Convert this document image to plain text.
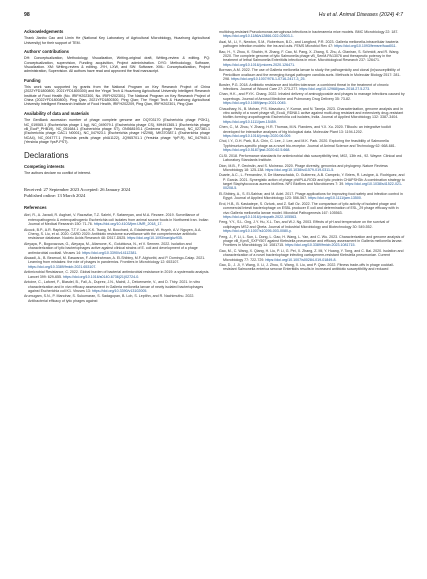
98	Hu et al. Animal Diseases (2024) 4:7
Acknowledgements
Thank Jianbo Cao and Limin He (National Key Laboratory of Agricultural Microbiology, Huazhong Agricultural University) for their support of TEM.
Authors' contributions
DH: Conceptualization, Methodology, Visualization, Writing-original draft, Writing-review & editing. PQ: Conceptualization, supervision, Funding acquisition, Project administration. DYG: Methodology, Software, Visualization. XM: Writing-review & editing. JYH, LXW, and SW: Software. XML: Conceptualization, Project administration, Supervision. All authors have read and approved the final manuscript.
Funding
This work was supported by grants from the National Program on Key Research Project of China (2022YFD1800800, 2021YFD1800300) and the Yingzi Tech & Huazhong Agricultural University Intelligent Research Institute of Food Health (No. IRIFH202300, No. IRIFH202301). The National Program on Key Research Project of China (2022YFD1800800). Ping Qian, 2021YFD1800300, Ping Qian; The Yingzi Tech & Huazhong Agricultural University Intelligent Research Institute of Food Health, IRIFH202209, Ping Qian, IRIFH202301, Ping Qian
Availability of data and materials
The GenBank accession number of phage complete genome are OQ703170 (Escherichia phage PGK1), NC_019065.1 (Escherichia phage 1 kg), NC_049079.1 (Escherichia phage CS), MH491365.1 (Escherichia phage vB_EcoP_PHB19), NC_051684.1 (Escherichia phage ST), ON568193.1 (Cedecea phage Yanou), NC_027381.1 (Escherichia phage CAC1 N0001), NC_047923.1 (Escherichia phage HZ298), MK370387.1 (Escherichia phage NCA4), NC_004777.1 (Yersinia pestis phage phiA1122), JQ965701.1 (Yersinia phage YpP-R), NC_047940.1 (Yersinia phage YpsP-PST).
Declarations
Competing interests
The authors declare no conflict of interest.
Received: 27 September 2023 Accepted: 26 January 2024
Published online: 13 March 2024
References
Abri, R., A. Javadi, R. Asghari, V. Razavilar, T.Z. Salehi, F. Safaeeyan, and M.A. Rezaee. 2019. Surveillance of enteropathogenic & enteropathogenic Escherichia coli isolates from animal source foods in Northwest Iran. Indian Journal of Medical Research 150: 71-76. https://doi.org/10.4103/ijmr.IJMR_2018_17.
Alcock, B.P., A.R. Raphenya, T.T.Y. Lau, K.K. Tsang, M. Bouchard, A. Edalatmand, W. Huynh, A.V. Nguyen, A.A. Cheng, S. Liu, et al. 2020. CARD 2020: Antibiotic resistome surveillance with the comprehensive antibiotic resistance database. Nucleic Acids Research 48: D517-D525. https://doi.org/10.1093/nar/gkz935.
Aleyaya, P., Bogovazova, G., Aleyaya, M., Aliamone, K., Golubkova, N., et V. Sennen. 2022. Isolation and characterization of lytic bacteriophages active against clinical strains of E. coli and development of a phage antimicrobial cocktail. Viruses 14: https://doi.org/10.3390/v14112381.
Alsaadi, A., B. Beamud, M. Easwaran, F. Abdelrahman, A. El-Shibiny, M.F. Alghoribi, and P. Domingo-Calap. 2021. Learning from mistakes: the role of phages in pandemics. Frontiers in Microbiology 12: 653107. https://doi.org/10.3389/fmicb.2021.653107.
Antimicrobial Resistance, C. 2022. Global burden of bacterial antimicrobial resistance in 2019: a systematic analysis. Lancet 399: 629-655. https://doi.org/10.1016/s0140-6736(21)02724-0.
Antoine, C., Laforet, F., Blasdel, B., Fall, A., Duprez, J.N., Mainil, J., Delcenserie, V., and D. Thiry. 2021. In vitro characterization and in vivo efficacy assessment in Galleria mellonella larvae of newly isolated bacteriophages against Escherichia coli K1. Viruses 13: https://doi.org/10.3390/v13102005.
Arumugam, S.N., P. Manohar, S. Sukumaran, S. Sadagopan, B. Loh, S. Leptihn, and R. Nachimuthu. 2022. Antibacterial efficacy of lytic phages against
multidrug-resistant Pseudomonas aeruginosa infections in bacteraemia mice models. BMC Microbiology 22: 187. https://doi.org/10.1186/s12866-022-02603-1.
Asai, M., Li, Y., Newton, S.M., Robertson, B.D., and Langford, P.R. 2023. Galleria mellonella-intracellular bacteria pathogen infection models: the ins and outs. FEMS Microbiol Rev 47: https://doi.org/10.1093/femsre/fuad011.
Bao, H., Y. Zhou, K. Shahin, H. Zhang, F. Cao, M. Pang, X. Zhang, S. Zhu, A. Olaniran, S. Schmidt, and R. Wang. 2020. The complete genome of lytic Salmonella phage vB_SenM-PA13076 and therapeutic potency in the treatment of lethal Salmonella Enteritidis infections in mice. Microbiological Research 237: 126471. https://doi.org/10.1016/j.micres.2020.126471.
Borman, A.M. 2022. The use of Galleria mellonella larvae to study the pathogenicity and clonal (in)susceptibility of Penicillium oxalicum and the emerging fungal pathogen candida auris. Methods in Molecular Biology 2517: 281-298. https://doi.org/10.1007/978-1-0716-2417-3_25.
Bowler, P.G. 2018. Antibiotic resistance and biofilm tolerance: a combined threat in the treatment of chronic infections. Journal of Wound Care 27: 273-277. https://doi.org/10.12968/jowc.2018.27.5.273.
Chan, H.K., and P.Y.K. Chang. 2022. Inhaled delivery of aminoglycoside and phages to manage infections caused by superbugs. Journal of Aerosol Medicine and Pulmonary Drug Delivery 35: 73-82. https://doi.org/10.1089/jamp.2021.0045.
Chaudhary, N., B. Mohan, P.S. Mavuduru, Y. Kumar, and N. Taneja. 2023. Characterization, genome analysis and in vitro activity of a novel phage vB_EcoA_RDN8.1 active against multi-drug resistant and extensively drug-resistant biofilm-forming uropathogenic Escherichia coli isolates, India. Journal of Applied Microbiology 132: 3387-3404. https://doi.org/10.1111/jam.15459.
Chen, C., M. Zhou, Y. Zhang, H.R. Thomas, M.N. Flanders, and Y.X. Xu. 2020. TBtools: an integrative toolkit developed for interactive analyses of big biological data. Molecular Plant 13: 1194-1202. https://doi.org/10.1016/j.molp.2020.06.009.
Choi, I.Y., D.H. Park, B.A. Chin, C. Lee, J. Lee, and M.K. Park. 2020. Exploring the feasibility of Salmonella Typhimurium-specific phage as a novel bio-receptor. Journal of Animal Science and Technology 62: 668-681. https://doi.org/10.5187/jast.2020.62.5.668.
CLSI. 2018. Performance standards for antimicrobial disk susceptibility test, M02, 13th ed., 92. Wayne: Clinical and Laboratory Standards Institute.
Dion, M.B., F. Oechslin, and S. Moineau. 2020. Phage diversity, genomics and phylogeny. Nature Reviews Microbiology 18: 125-138. https://doi.org/10.1038/s41579-019-0311-5.
Duarte, A.C., L. Fernandez, V. De Maesschalck, D. Gutierrez, A.B. Campelo, Y. Briers, R. Lavigne, A. Rodriguez, and P. Garcia. 2021. Synergistic action of phage phiIPLA-RODI and lytic protein CHAPSH3b: A combination strategy to target Staphylococcus aureus biofilms. NPJ Biofilms and Microbiomes 7: 39. https://doi.org/10.1038/s41522-021-00208-5.
El-Shibiny, A., S. El-Sahhar, and M. Adel. 2017. Phage applications for improving food safety and infection control in Egypt. Journal of Applied Microbiology 123: 556-567. https://doi.org/10.1111/jam.13500.
Erol, H.B., B. Kaskatepe, S. Ozturk, and Z. Safi Oz. 2022. The comparison of lytic activity of isolated phage and commercial Intesti bacteriophage on ESBL producer E coli and determination of ESL_29 phage efficacy with in vivo Galleria mellonella larvae model. Microbial Pathogenesis 167: 105563. https://doi.org/10.1016/j.micpath.2022.105563.
Feng, Y.Y., S.L. Ong, J.Y. Hu, X.L. Tan, and W.J. Ng. 2003. Effects of pH and temperature on the survival of coliphages MS2 and Qbeta. Journal of Industrial Microbiology and Biotechnology 30: 549-552. https://doi.org/10.1007/s10295-003-0080-y.
Feng, J., F. Li, L. Sun, L. Dong, L. Gao, H. Wang, L. Yan, and C. Wu. 2023. Characterization and genome analysis of phage vB_KpnS_SXFY507 against Klebsiella pneumoniae and efficacy assessment in Galleria mellonella larvae. Frontiers in Microbiology 14: 1081715. https://doi.org/10.3389/fmicb.2023.1081715.
Gao, M., C. Wang, X. Qiang, H. Liu, P. Li, G. Pei, X. Zhang, Z. Mi, Y. Huang, Y. Tong, and C. Bai. 2020. Isolation and characterization of a novel bacteriophage infecting carbapenem-resistant Klebsiella pneumoniae. Current Microbiology 77: 722-729. https://doi.org/10.1007/s00284-019-01849-8.
Gao, D., J. Ji, Y. Wang, X. Li, J. Zhou, S. Wang, X. Liu, and P. Qian. 2022. Fitness trade-offs in phage cocktail-resistant Salmonella enterica serovar Enteritidis results in increased antibiotic susceptibility and reduced
